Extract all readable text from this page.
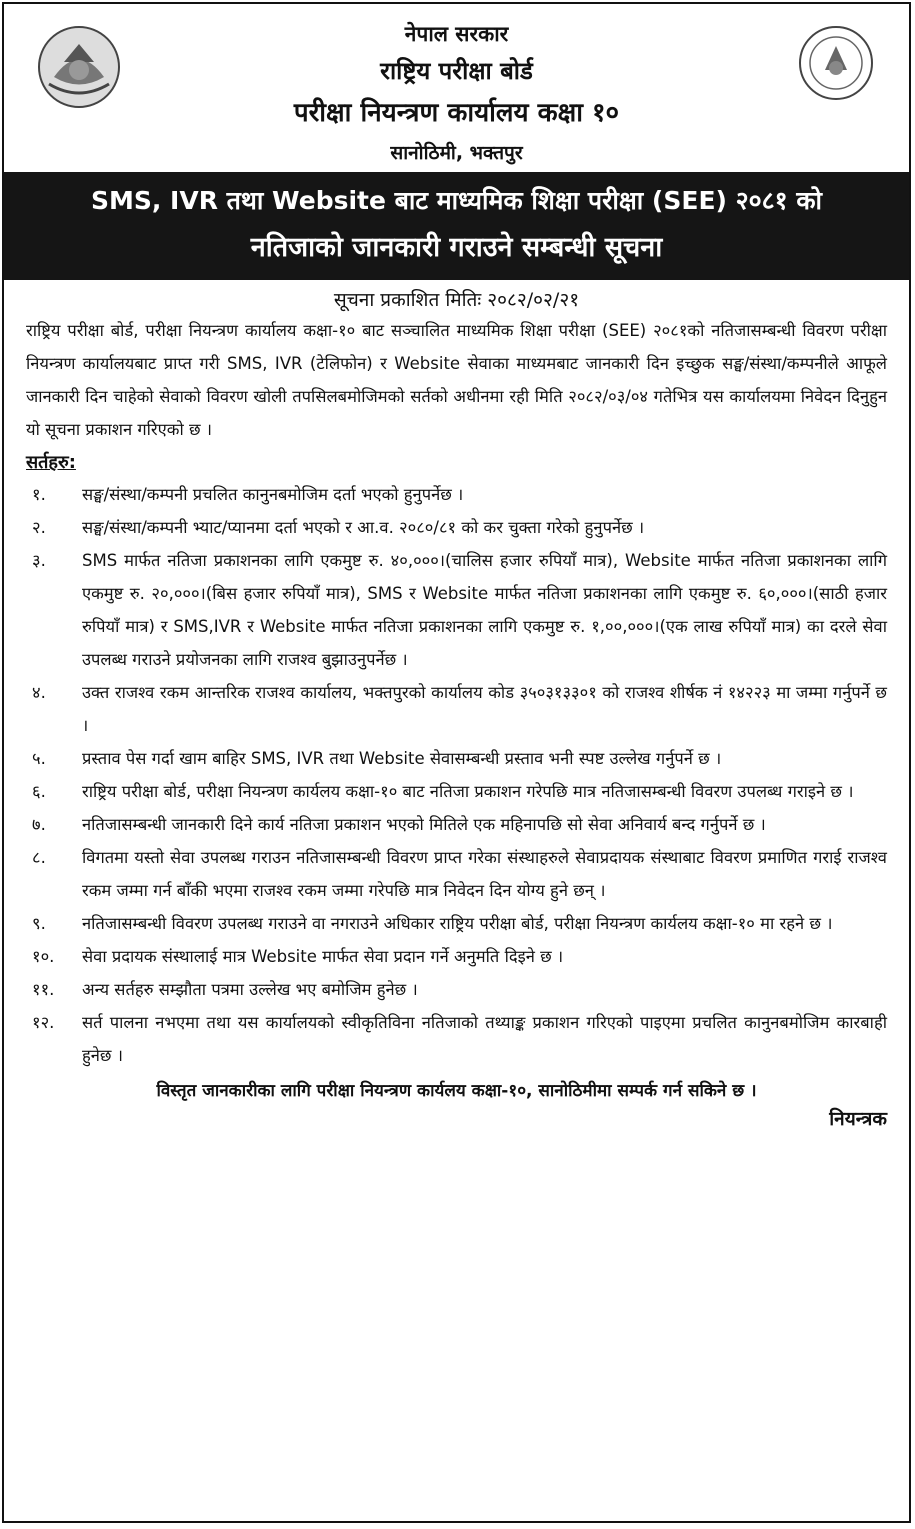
नेपाल सरकार
राष्ट्रिय परीक्षा बोर्ड
परीक्षा नियन्त्रण कार्यालय कक्षा १०
सानोठिमी, भक्तपुर
SMS, IVR तथा Website बाट माध्यमिक शिक्षा परीक्षा (SEE) २०८१ को
नतिजाको जानकारी गराउने सम्बन्धी सूचना
सूचना प्रकाशित मितिः २०८२/०२/२१
राष्ट्रिय परीक्षा बोर्ड, परीक्षा नियन्त्रण कार्यालय कक्षा-१० बाट सञ्चालित माध्यमिक शिक्षा परीक्षा (SEE) २०८१को नतिजासम्बन्धी विवरण परीक्षा नियन्त्रण कार्यालयबाट प्राप्त गरी SMS, IVR (टेलिफोन) र Website सेवाका माध्यमबाट जानकारी दिन इच्छुक सङ्घ/संस्था/कम्पनीले आफूले जानकारी दिन चाहेको सेवाको विवरण खोली तपसिलबमोजिमको सर्तको अधीनमा रही मिति २०८२/०३/०४ गतेभित्र यस कार्यालयमा निवेदन दिनुहुन यो सूचना प्रकाशन गरिएको छ ।
सर्तहरु:
१.	सङ्घ/संस्था/कम्पनी प्रचलित कानुनबमोजिम दर्ता भएको हुनुपर्नेछ ।
२.	सङ्घ/संस्था/कम्पनी भ्याट/प्यानमा दर्ता भएको र आ.व. २०८०/८१ को कर चुक्ता गरेको हुनुपर्नेछ ।
३.	SMS मार्फत नतिजा प्रकाशनका लागि एकमुष्ट रु. ४०,०००।(चालिस हजार रुपियाँ मात्र), Website मार्फत नतिजा प्रकाशनका लागि एकमुष्ट रु. २०,०००।(बिस हजार रुपियाँ मात्र), SMS र Website मार्फत नतिजा प्रकाशनका लागि एकमुष्ट रु. ६०,०००।(साठी हजार रुपियाँ मात्र) र SMS,IVR र Website मार्फत नतिजा प्रकाशनका लागि एकमुष्ट रु. १,००,०००।(एक लाख रुपियाँ मात्र) का दरले सेवा उपलब्ध गराउने प्रयोजनका लागि राजश्व बुझाउनुपर्नेछ ।
४.	उक्त राजश्व रकम आन्तरिक राजश्व कार्यालय, भक्तपुरको कार्यालय कोड ३५०३१३३०१ को राजश्व शीर्षक नं १४२२३ मा जम्मा गर्नुपर्ने छ ।
५.	प्रस्ताव पेस गर्दा खाम बाहिर SMS, IVR तथा Website सेवासम्बन्धी प्रस्ताव भनी स्पष्ट उल्लेख गर्नुपर्ने छ ।
६.	राष्ट्रिय परीक्षा बोर्ड, परीक्षा नियन्त्रण कार्यलय कक्षा-१० बाट नतिजा प्रकाशन गरेपछि मात्र नतिजासम्बन्धी विवरण उपलब्ध गराइने छ ।
७.	नतिजासम्बन्धी जानकारी दिने कार्य नतिजा प्रकाशन भएको मितिले एक महिनापछि सो सेवा अनिवार्य बन्द गर्नुपर्ने छ ।
८.	विगतमा यस्तो सेवा उपलब्ध गराउन नतिजासम्बन्धी विवरण प्राप्त गरेका संस्थाहरुले सेवाप्रदायक संस्थाबाट विवरण प्रमाणित गराई राजश्व रकम जम्मा गर्न बाँकी भएमा राजश्व रकम जम्मा गरेपछि मात्र निवेदन दिन योग्य हुने छन् ।
९.	नतिजासम्बन्धी विवरण उपलब्ध गराउने वा नगराउने अधिकार राष्ट्रिय परीक्षा बोर्ड, परीक्षा नियन्त्रण कार्यलय कक्षा-१० मा रहने छ ।
१०.	सेवा प्रदायक संस्थालाई मात्र Website मार्फत सेवा प्रदान गर्ने अनुमति दिइने छ ।
११.	अन्य सर्तहरु सम्झौता पत्रमा उल्लेख भए बमोजिम हुनेछ ।
१२.	सर्त पालना नभएमा तथा यस कार्यालयको स्वीकृतिविना नतिजाको तथ्याङ्क प्रकाशन गरिएको पाइएमा प्रचलित कानुनबमोजिम कारबाही हुनेछ ।
विस्तृत जानकारीका लागि परीक्षा नियन्त्रण कार्यलय कक्षा-१०, सानोठिमीमा सम्पर्क गर्न सकिने छ ।
नियन्त्रक
